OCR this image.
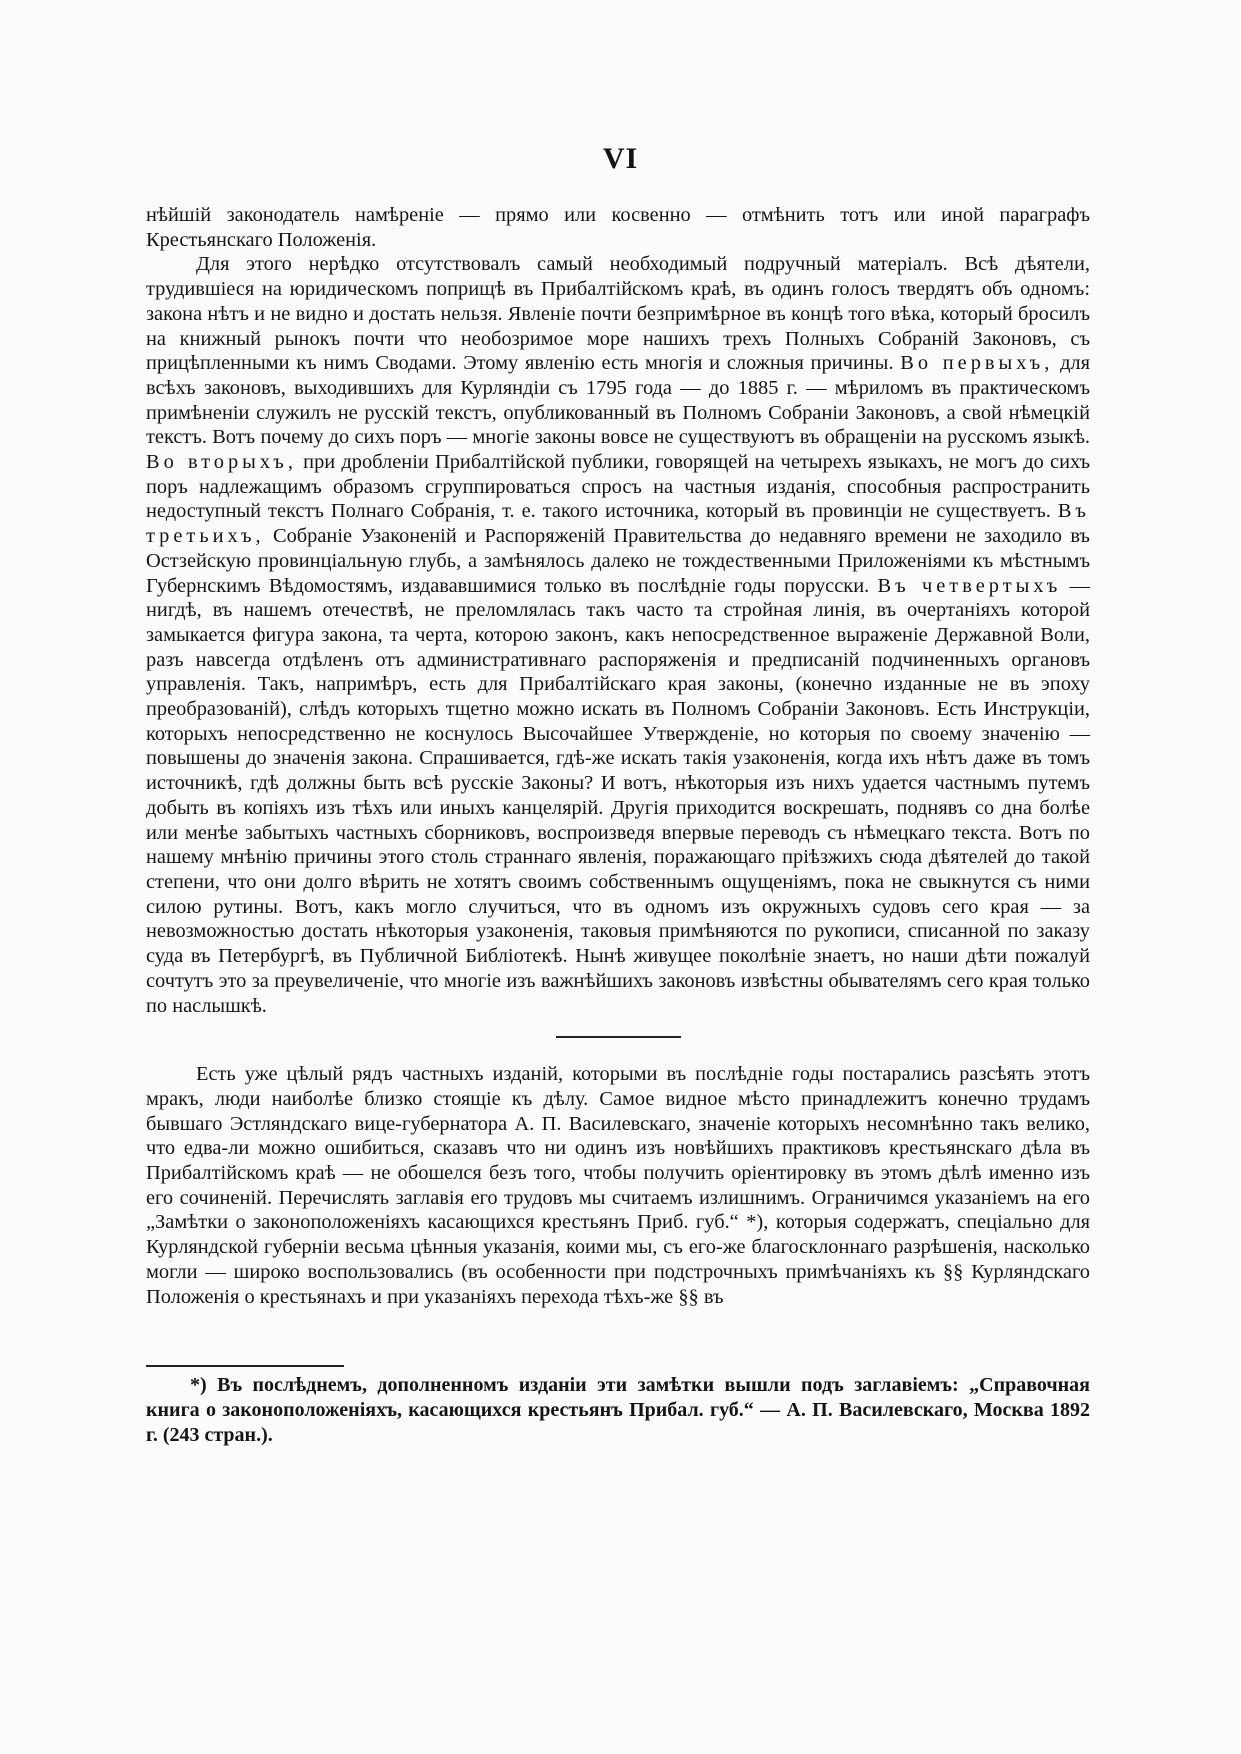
VI

нѣйшiй законодатель намѣренiе — прямо или косвенно — отмѣнить тотъ или иной параграфъ Крестьянскаго Положенiя.

Для этого нерѣдко отсутствовалъ самый необходимый подручный матерiалъ. Всѣ дѣятели, трудившiеся на юридическомъ поприщѣ въ Прибалтiйскомъ краѣ, въ одинъ голосъ твердятъ объ одномъ: закона нѣтъ и не видно и достать нельзя. Явленiе почти безпримѣрное въ концѣ того вѣка, который бросилъ на книжный рынокъ почти что необозримое море нашихъ трехъ Полныхъ Собранiй Законовъ, съ прицѣпленными къ нимъ Сводами. Этому явленiю есть многiя и сложныя причины. Во первыхъ, для всѣхъ законовъ, выходившихъ для Курляндiи съ 1795 года — до 1885 г. — мѣриломъ въ практическомъ примѣненiи служилъ не русскiй текстъ, опубликованный въ Полномъ Собранiи Законовъ, а свой нѣмецкiй текстъ. Вотъ почему до сихъ поръ — многiе законы вовсе не существуютъ въ обращенiи на русскомъ языкѣ. Во вторыхъ, при дробленiи Прибалтiйской публики, говорящей на четырехъ языкахъ, не могъ до сихъ поръ надлежащимъ образомъ сгруппироваться спросъ на частныя изданiя, способныя распространить недоступный текстъ Полнаго Собранiя, т. е. такого источника, который въ провинцiи не существуетъ. Въ третьихъ, Собранiе Узаконенiй и Распоряженiй Правительства до недавняго времени не заходило въ Остзейскую провинцiальную глубь, а замѣнялось далеко не тождественными Приложенiями къ мѣстнымъ Губернскимъ Вѣдомостямъ, издававшимися только въ послѣднiе годы порусски. Въ четвертыхъ — нигдѣ, въ нашемъ отечествѣ, не преломлялась такъ часто та стройная линiя, въ очертанiяхъ которой замыкается фигура закона, та черта, которою законъ, какъ непосредственное выраженiе Державной Воли, разъ навсегда отдѣленъ отъ административнаго распоряженiя и предписанiй подчиненныхъ органовъ управленiя. Такъ, напримѣръ, есть для Прибалтiйскаго края законы, (конечно изданные не въ эпоху преобразованiй), слѣдъ которыхъ тщетно можно искать въ Полномъ Собранiи Законовъ. Есть Инструкцiи, которыхъ непосредственно не коснулось Высочайшее Утвержденiе, но которыя по своему значенiю — повышены до значенiя закона. Спрашивается, гдѣ-же искать такiя узаконенiя, когда ихъ нѣтъ даже въ томъ источникѣ, гдѣ должны быть всѣ русскiе Законы? И вотъ, нѣкоторыя изъ нихъ удается частнымъ путемъ добыть въ копiяхъ изъ тѣхъ или иныхъ канцелярiй. Другiя приходится воскрешать, поднявъ со дна болѣе или менѣе забытыхъ частныхъ сборниковъ, воспроизведя впервые переводъ съ нѣмецкаго текста. Вотъ по нашему мнѣнiю причины этого столь страннаго явленiя, поражающаго прiѣзжихъ сюда дѣятелей до такой степени, что они долго вѣрить не хотятъ своимъ собственнымъ ощущенiямъ, пока не свыкнутся съ ними силою рутины. Вотъ, какъ могло случиться, что въ одномъ изъ окружныхъ судовъ сего края — за невозможностью достать нѣкоторыя узаконенiя, таковыя примѣняются по рукописи, списанной по заказу суда въ Петербургѣ, въ Публичной Библiотекѣ. Нынѣ живущее поколѣнiе знаетъ, но наши дѣти пожалуй сочтутъ это за преувеличенiе, что многiе изъ важнѣйшихъ законовъ извѣстны обывателямъ сего края только по наслышкѣ.

Есть уже цѣлый рядъ частныхъ изданiй, которыми въ послѣднiе годы постарались разсѣять этотъ мракъ, люди наиболѣе близко стоящiе къ дѣлу. Самое видное мѣсто принадлежитъ конечно трудамъ бывшаго Эстляндскаго вице-губернатора А. П. Василевскаго, значенiе которыхъ несомнѣнно такъ велико, что едва-ли можно ошибиться, сказавъ что ни одинъ изъ новѣйшихъ практиковъ крестьянскаго дѣла въ Прибалтiйскомъ краѣ — не обошелся безъ того, чтобы получить орiентировку въ этомъ дѣлѣ именно изъ его сочиненiй. Перечислять заглавiя его трудовъ мы считаемъ излишнимъ. Ограничимся указанiемъ на его „Замѣтки о законоположенiяхъ касающихся крестьянъ Приб. губ.“ *), которыя содержатъ, спецiально для Курляндской губернiи весьма цѣнныя указанiя, коими мы, съ его-же благосклоннаго разрѣшенiя, насколько могли — широко воспользовались (въ особенности при подстрочныхъ примѣчанiяхъ къ §§ Курляндскаго Положенiя о крестьянахъ и при указанiяхъ перехода тѣхъ-же §§ въ

*) Въ послѣднемъ, дополненномъ изданiи эти замѣтки вышли подъ заглавiемъ: „Справочная книга о законоположенiяхъ, касающихся крестьянъ Прибал. губ.“ — А. П. Василевскаго, Москва 1892 г. (243 стран.).
